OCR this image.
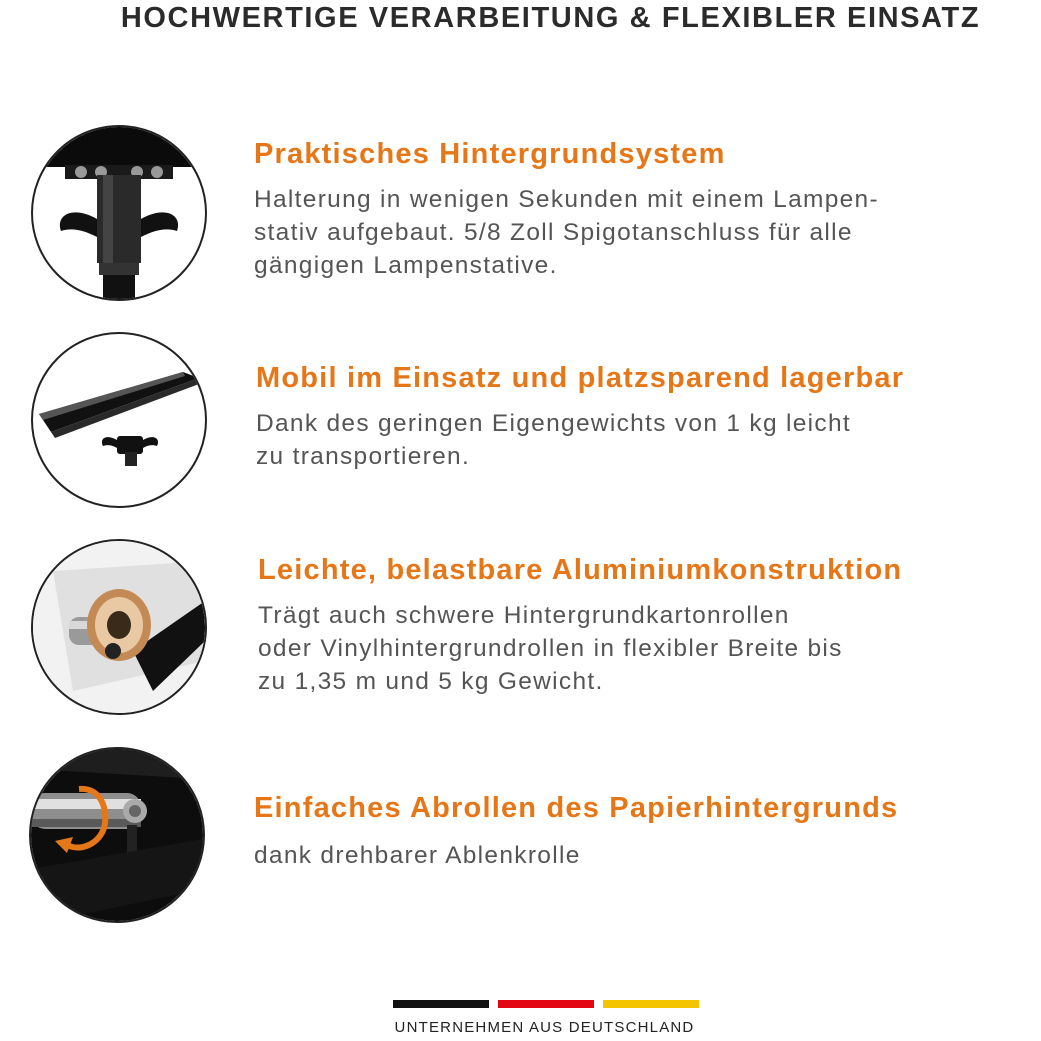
HOCHWERTIGE VERARBEITUNG & FLEXIBLER EINSATZ
Praktisches Hintergrundsystem
Halterung in wenigen Sekunden mit einem Lampen-
stativ aufgebaut. 5/8 Zoll Spigotanschluss für alle
gängigen Lampenstative.
Mobil im Einsatz und platzsparend lagerbar
Dank des geringen Eigengewichts von 1 kg leicht
zu transportieren.
Leichte, belastbare Aluminiumkonstruktion
Trägt auch schwere Hintergrundkartonrollen
oder Vinylhintergrundrollen in flexibler Breite bis
zu 1,35 m und 5 kg Gewicht.
Einfaches Abrollen des Papierhintergrunds
dank drehbarer Ablenkrolle
UNTERNEHMEN AUS DEUTSCHLAND
